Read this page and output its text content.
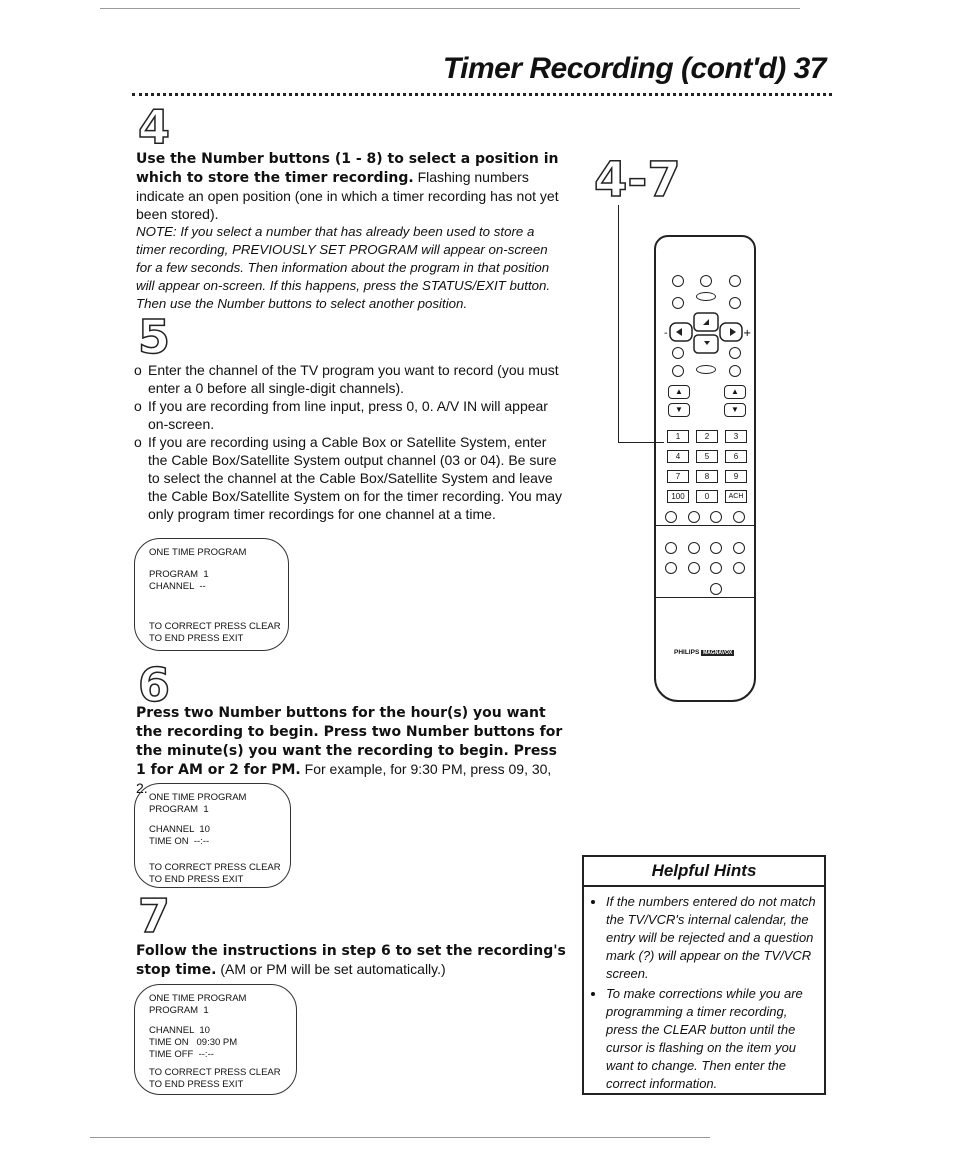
Timer Recording (cont'd) 37
4
Use the Number buttons (1 - 8) to select a position in which to store the timer recording. Flashing numbers indicate an open position (one in which a timer recording has not yet been stored).
NOTE: If you select a number that has already been used to store a timer recording, PREVIOUSLY SET PROGRAM will appear on-screen for a few seconds. Then information about the program in that position will appear on-screen. If this happens, press the STATUS/EXIT button. Then use the Number buttons to select another position.
5
o Enter the channel of the TV program you want to record (you must enter a 0 before all single-digit channels).
o If you are recording from line input, press 0, 0. A/V IN will appear on-screen.
o If you are recording using a Cable Box or Satellite System, enter the Cable Box/Satellite System output channel (03 or 04). Be sure to select the channel at the Cable Box/Satellite System and leave the Cable Box/Satellite System on for the timer recording. You may only program timer recordings for one channel at a time.
ONE TIME PROGRAM
PROGRAM  1
CHANNEL  --
TO CORRECT PRESS CLEAR
TO END PRESS EXIT
6
Press two Number buttons for the hour(s) you want the recording to begin. Press two Number buttons for the minute(s) you want the recording to begin. Press 1 for AM or 2 for PM. For example, for 9:30 PM, press 09, 30, 2.
ONE TIME PROGRAM
PROGRAM  1
CHANNEL  10
TIME ON  --:--
TO CORRECT PRESS CLEAR
TO END PRESS EXIT
7
Follow the instructions in step 6 to set the recording's stop time. (AM or PM will be set automatically.)
ONE TIME PROGRAM
PROGRAM  1
CHANNEL  10
TIME ON   09:30 PM
TIME OFF  --:--
TO CORRECT PRESS CLEAR
TO END PRESS EXIT
4-7
-	+
▲
▼
▲
▼
1	2	3
4	5	6
7	8	9
100	0	ACH
PHILIPS MAGNAVOX
Helpful Hints
• If the numbers entered do not match the TV/VCR's internal calendar, the entry will be rejected and a question mark (?) will appear on the TV/VCR screen.
• To make corrections while you are programming a timer recording, press the CLEAR button until the cursor is flashing on the item you want to change. Then enter the correct information.
